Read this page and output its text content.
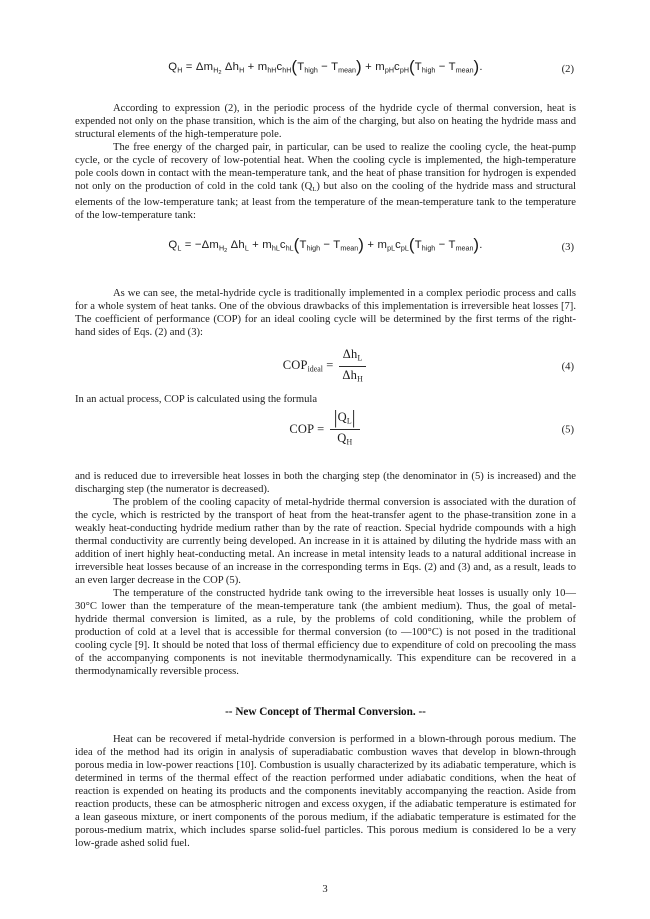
$Q_H = \Delta m_{H2}$ $\Delta h_H + m_{hH}c_{hH}(T_{high} - T_{mean}) + m_{pH}c_{pH}(T_{high} - T_{mean})$.	(2)

According to expression (2), in the periodic process of the hydride cycle of thermal conversion, heat is expended not only on the phase transition, which is the aim of the charging, but also on heating the hydride mass and structural elements of the high-temperature pole.

The free energy of the charged pair, in particular, can be used to realize the cooling cycle, the heat-pump cycle, or the cycle of recovery of low-potential heat. When the cooling cycle is implemented, the high-temperature pole cools down in contact with the mean-temperature tank, and the heat of phase transition for hydrogen is expended not only on the production of cold in the cold tank $(Q_L)$ but also on the cooling of the hydride mass and structural elements of the low-temperature tank; at least from the temperature of the mean-temperature tank to the temperature of the low-temperature tank:

$Q_L = -\Delta m_{H2}$ $\Delta h_L + m_{hL}c_{hL}(T_{high} - T_{mean}) + m_{pL}c_{pL}(T_{high} - T_{mean})$.	(3)

As we can see, the metal-hydride cycle is traditionally implemented in a complex periodic process and calls for a whole system of heat tanks. One of the obvious drawbacks of this implementation is irreversible heat losses [7]. The coefficient of performance (COP) for an ideal cooling cycle will be determined by the first terms of the right-hand sides of Eqs. (2) and (3):

$COP_{ideal} = \frac{\Delta h_L}{\Delta h_H}$	(4)

In an actual process, COP is calculated using the formula

COP = $\frac{|Q_L|}{Q_H}$	(5)

and is reduced due to irreversible heat losses in both the charging step (the denominator in (5) is increased) and the discharging step (the numerator is decreased).

The problem of the cooling capacity of metal-hydride thermal conversion is associated with the duration of the cycle, which is restricted by the transport of heat from the heat-transfer agent to the phase-transition zone in a weakly heat-conducting hydride medium rather than by the rate of reaction. Special hydride compounds with a high thermal conductivity are currently being developed. An increase in it is attained by diluting the hydride mass with an addition of inert highly heat-conducting metal. An increase in metal intensity leads to a natural additional increase in irreversible heat losses because of an increase in the corresponding terms in Eqs. (2) and (3) and, as a result, leads to an even larger decrease in the COP (5).

The temperature of the constructed hydride tank owing to the irreversible heat losses is usually only 10—30°C lower than the temperature of the mean-temperature tank (the ambient medium). Thus, the goal of metal-hydride thermal conversion is limited, as a rule, by the problems of cold conditioning, while the problem of production of cold at a level that is accessible for thermal conversion (to —100°C) is not posed in the traditional cooling cycle [9]. It should be noted that loss of thermal efficiency due to expenditure of cold on precooling the mass of the accompanying components is not inevitable thermodynamically. This expenditure can be recovered in a thermodynamically reversible process.

-- New Concept of Thermal Conversion. --

Heat can be recovered if metal-hydride conversion is performed in a blown-through porous medium. The idea of the method had its origin in analysis of superadiabatic combustion waves that develop in blown-through porous media in low-power reactions [10]. Combustion is usually characterized by its adiabatic temperature, which is determined in terms of the thermal effect of the reaction performed under adiabatic conditions, when the heat of reaction is expended on heating its products and the components inevitably accompanying the reaction. Aside from reaction products, these can be atmospheric nitrogen and excess oxygen, if the adiabatic temperature is estimated for a lean gaseous mixture, or inert components of the porous medium, if the adiabatic temperature is estimated for the porous-medium matrix, which includes sparse solid-fuel particles. This porous medium is considered lo be a very low-grade ashed solid fuel.

3
